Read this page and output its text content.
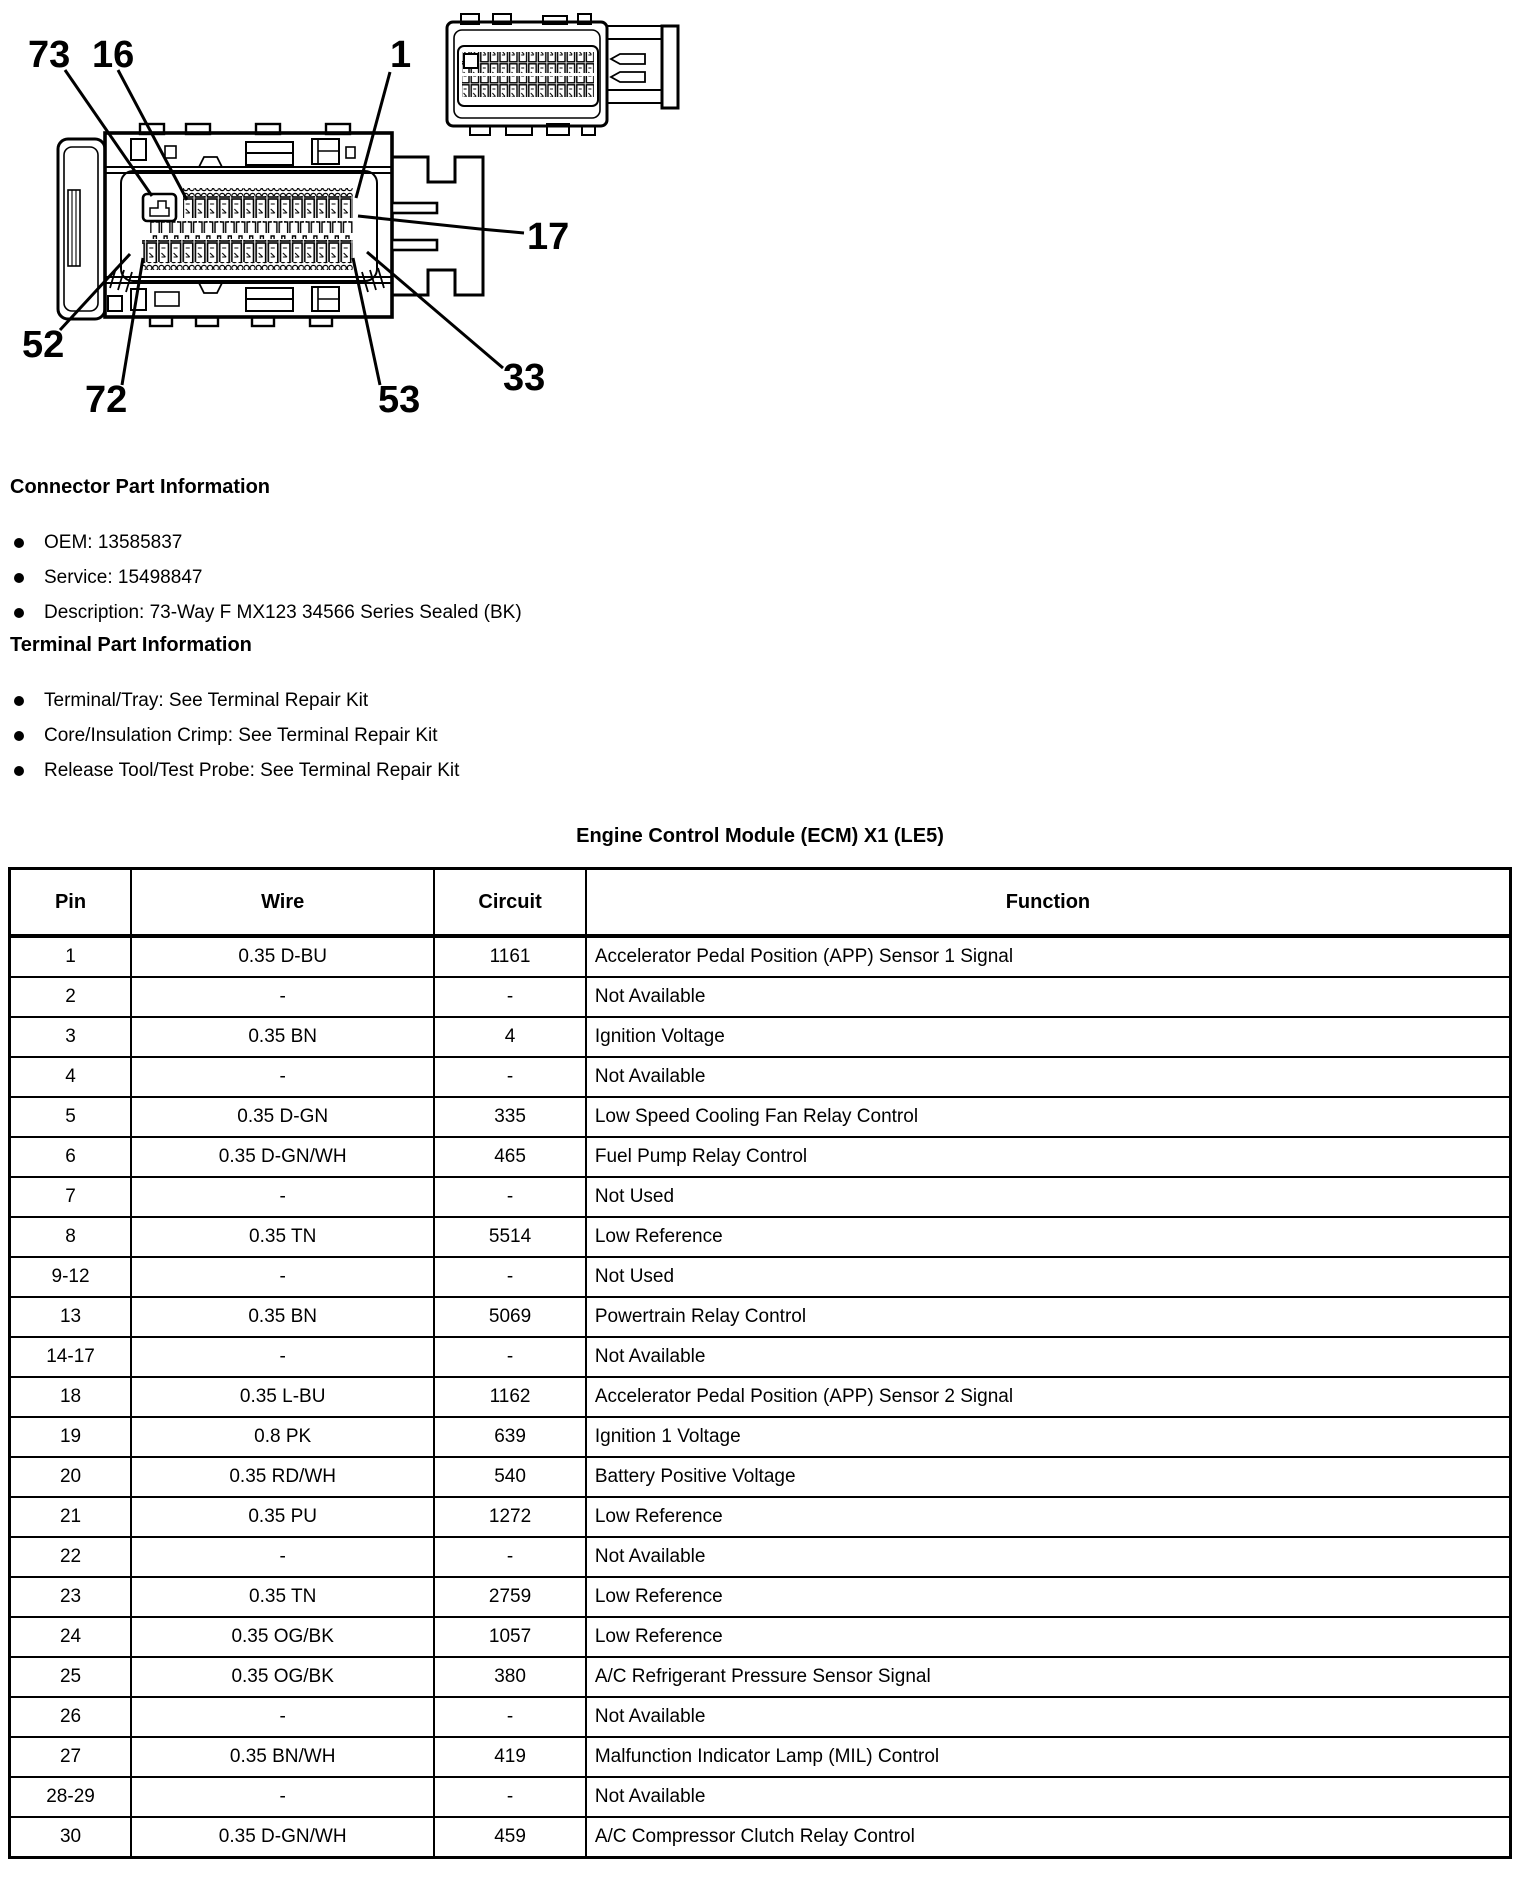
73 16	1
17
52
72	53
33
Connector Part Information
OEM: 13585837
Service: 15498847
Description: 73-Way F MX123 34566 Series Sealed (BK)
Terminal Part Information
Terminal/Tray: See Terminal Repair Kit
Core/Insulation Crimp: See Terminal Repair Kit
Release Tool/Test Probe: See Terminal Repair Kit
Engine Control Module (ECM) X1 (LE5)
Pin	Wire	Circuit	Function
1	0.35 D-BU	1161	Accelerator Pedal Position (APP) Sensor 1 Signal
2	-	-	Not Available
3	0.35 BN	4	Ignition Voltage
4	-	-	Not Available
5	0.35 D-GN	335	Low Speed Cooling Fan Relay Control
6	0.35 D-GN/WH	465	Fuel Pump Relay Control
7	-	-	Not Used
8	0.35 TN	5514	Low Reference
9-12	-	-	Not Used
13	0.35 BN	5069	Powertrain Relay Control
14-17	-	-	Not Available
18	0.35 L-BU	1162	Accelerator Pedal Position (APP) Sensor 2 Signal
19	0.8 PK	639	Ignition 1 Voltage
20	0.35 RD/WH	540	Battery Positive Voltage
21	0.35 PU	1272	Low Reference
22	-	-	Not Available
23	0.35 TN	2759	Low Reference
24	0.35 OG/BK	1057	Low Reference
25	0.35 OG/BK	380	A/C Refrigerant Pressure Sensor Signal
26	-	-	Not Available
27	0.35 BN/WH	419	Malfunction Indicator Lamp (MIL) Control
28-29	-	-	Not Available
30	0.35 D-GN/WH	459	A/C Compressor Clutch Relay Control
